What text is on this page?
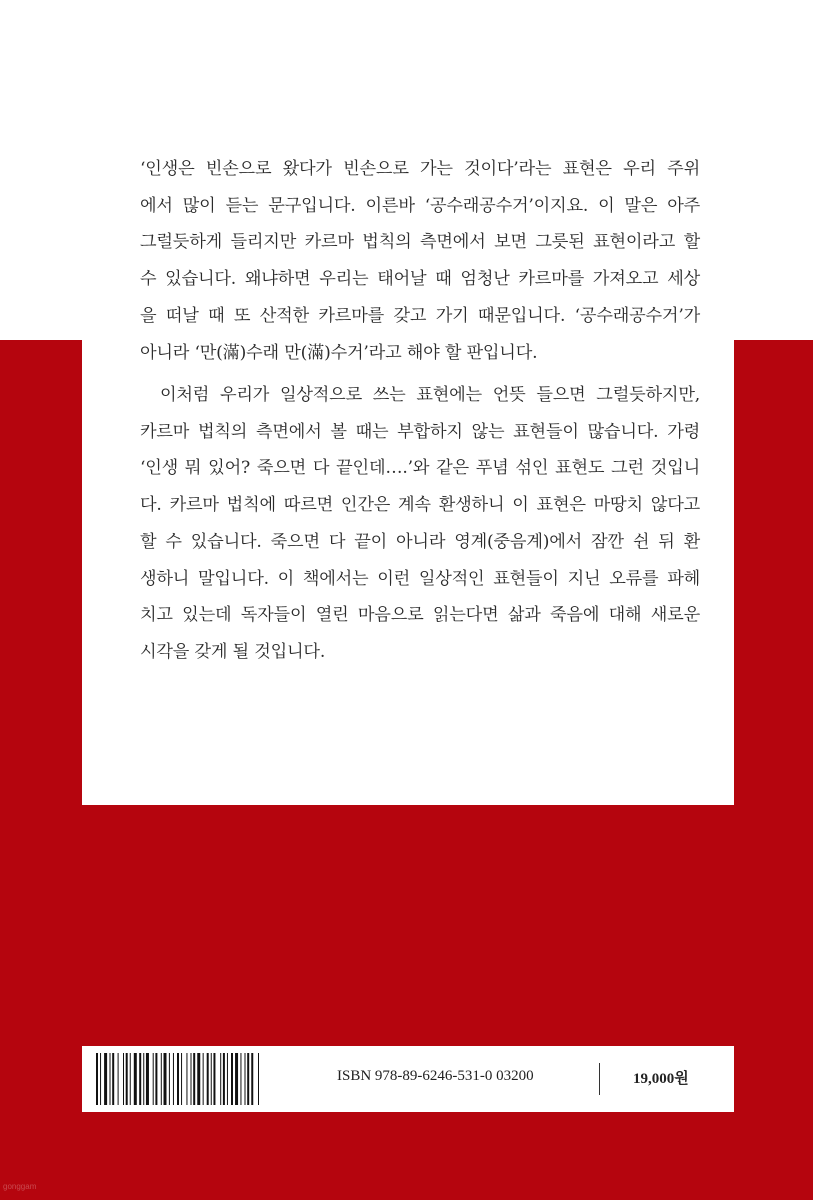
‘인생은 빈손으로 왔다가 빈손으로 가는 것이다’라는 표현은 우리 주위
에서 많이 듣는 문구입니다. 이른바 ‘공수래공수거’이지요. 이 말은 아주
그럴듯하게 들리지만 카르마 법칙의 측면에서 보면 그릇된 표현이라고 할
수 있습니다. 왜냐하면 우리는 태어날 때 엄청난 카르마를 가져오고 세상
을 떠날 때 또 산적한 카르마를 갖고 가기 때문입니다. ‘공수래공수거’가
아니라 ‘만(滿)수래 만(滿)수거’라고 해야 할 판입니다.

이처럼 우리가 일상적으로 쓰는 표현에는 언뜻 들으면 그럴듯하지만,
카르마 법칙의 측면에서 볼 때는 부합하지 않는 표현들이 많습니다. 가령
‘인생 뭐 있어? 죽으면 다 끝인데….’와 같은 푸념 섞인 표현도 그런 것입니
다. 카르마 법칙에 따르면 인간은 계속 환생하니 이 표현은 마땅치 않다고
할 수 있습니다. 죽으면 다 끝이 아니라 영계(중음계)에서 잠깐 쉰 뒤 환
생하니 말입니다. 이 책에서는 이런 일상적인 표현들이 지닌 오류를 파헤
치고 있는데 독자들이 열린 마음으로 읽는다면 삶과 죽음에 대해 새로운
시각을 갖게 될 것입니다.

ISBN 978-89-6246-531-0 03200	19,000원
gonggam
